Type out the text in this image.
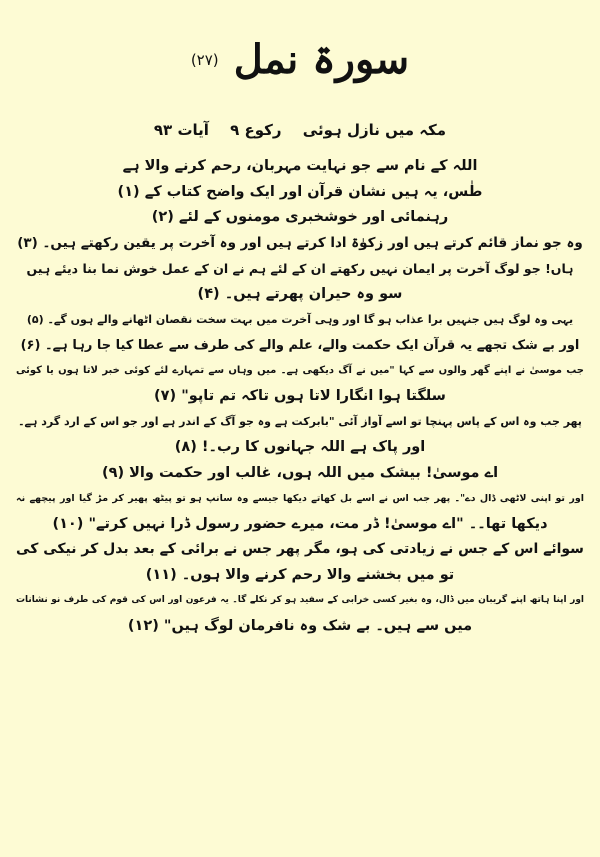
سورۃ نمل (۲۷)
مکہ میں نازل ہوئی رکوع ۹ آیات ۹۳
اللہ کے نام سے جو نہایت مہربان، رحم کرنے والا ہے
طٰس، یہ ہیں نشان قرآن اور ایک واضح کتاب کے (۱)
رہنمائی اور خوشخبری مومنوں کے لئے (۲)
وہ جو نماز قائم کرتے ہیں اور زکوٰۃ ادا کرتے ہیں اور وہ آخرت پر یقین رکھتے ہیں۔ (۳)
ہاں! جو لوگ آخرت پر ایمان نہیں رکھتے ان کے لئے ہم نے ان کے عمل خوش نما بنا دیئے ہیں
سو وہ حیران پھرتے ہیں۔ (۴)
یہی وہ لوگ ہیں جنہیں برا عذاب ہو گا اور وہی آخرت میں بہت سخت نقصان اٹھانے والے ہوں گے۔ (۵)
اور بے شک تجھے یہ قرآن ایک حکمت والے، علم والے کی طرف سے عطا کیا جا رہا ہے۔ (۶)
جب موسیٰ نے اپنے گھر والوں سے کہا "میں نے آگ دیکھی ہے۔ میں وہاں سے تمہارے لئے کوئی خبر لاتا ہوں یا کوئی
سلگتا ہوا انگارا لاتا ہوں تاکہ تم تاپو" (۷)
پھر جب وہ اس کے پاس پہنچا تو اسے آواز آئی "بابرکت ہے وہ جو آگ کے اندر ہے اور جو اس کے ارد گرد ہے۔
اور پاک ہے اللہ جہانوں کا رب۔! (۸)
اے موسیٰ! بیشک میں اللہ ہوں، غالب اور حکمت والا (۹)
اور تو اپنی لاٹھی ڈال دے"۔ پھر جب اس نے اسے بل کھاتے دیکھا جیسے وہ سانپ ہو تو پیٹھ پھیر کر مڑ گیا اور پیچھے نہ
دیکھا تھا۔۔ "اے موسیٰ! ڈر مت، میرے حضور رسول ڈرا نہیں کرتے" (۱۰)
سوائے اس کے جس نے زیادتی کی ہو، مگر پھر جس نے برائی کے بعد بدل کر نیکی کی
تو میں بخشنے والا رحم کرنے والا ہوں۔ (۱۱)
اور اپنا ہاتھ اپنے گریبان میں ڈال، وہ بغیر کسی خرابی کے سفید ہو کر نکلے گا۔ یہ فرعون اور اس کی قوم کی طرف نو نشانات
میں سے ہیں۔ بے شک وہ نافرمان لوگ ہیں" (۱۲)
